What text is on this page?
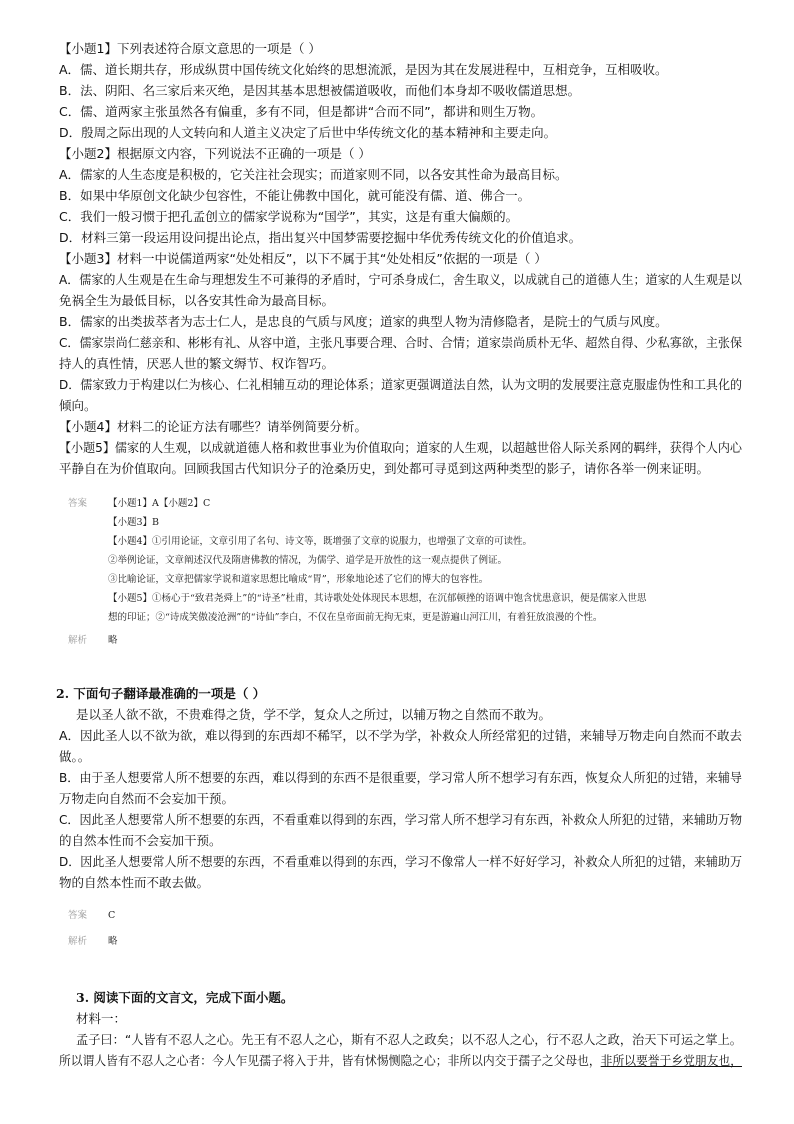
【小题1】下列表述符合原文意思的一项是（ ）
A．儒、道长期共存，形成纵贯中国传统文化始终的思想流派，是因为其在发展进程中，互相竞争，互相吸收。
B．法、阴阳、名三家后来灭绝，是因其基本思想被儒道吸收，而他们本身却不吸收儒道思想。
C．儒、道两家主张虽然各有偏重，多有不同，但是都讲“合而不同”，都讲和则生万物。
D．殷周之际出现的人文转向和人道主义决定了后世中华传统文化的基本精神和主要走向。
【小题2】根据原文内容，下列说法不正确的一项是（ ）
A．儒家的人生态度是积极的，它关注社会现实；而道家则不同，以各安其性命为最高目标。
B．如果中华原创文化缺少包容性，不能让佛教中国化，就可能没有儒、道、佛合一。
C．我们一般习惯于把孔孟创立的儒家学说称为“国学”，其实，这是有重大偏颇的。
D．材料三第一段运用设问提出论点，指出复兴中国梦需要挖掘中华优秀传统文化的价值追求。
【小题3】材料一中说儒道两家“处处相反”，以下不属于其“处处相反”依据的一项是（ ）
A．儒家的人生观是在生命与理想发生不可兼得的矛盾时，宁可杀身成仁，舍生取义，以成就自己的道德人生；道家的人生观是以
免祸全生为最低目标，以各安其性命为最高目标。
B．儒家的出类拔萃者为志士仁人，是忠良的气质与风度；道家的典型人物为清修隐者，是院士的气质与风度。
C．儒家崇尚仁慈亲和、彬彬有礼、从容中道，主张凡事要合理、合时、合情；道家崇尚质朴无华、超然自得、少私寡欲，主张保
持人的真性情，厌恶人世的繁文缛节、权诈智巧。
D．儒家致力于构建以仁为核心、仁礼相辅互动的理论体系；道家更强调道法自然，认为文明的发展要注意克服虚伪性和工具化的
倾向。
【小题4】材料二的论证方法有哪些？请举例简要分析。
【小题5】儒家的人生观，以成就道德人格和救世事业为价值取向；道家的人生观，以超越世俗人际关系网的羁绊，获得个人内心
平静自在为价值取向。回顾我国古代知识分子的沧桑历史，到处都可寻觅到这两种类型的影子，请你各举一例来证明。
答案 【小题1】A【小题2】C
【小题3】B
【小题4】①引用论证，文章引用了名句、诗文等，既增强了文章的说服力，也增强了文章的可读性。
②举例论证，文章阐述汉代及隋唐佛教的情况，为儒学、道学是开放性的这一观点提供了例证。
③比喻论证，文章把儒家学说和道家思想比喻成“胃”，形象地论述了它们的博大的包容性。
【小题5】①杨心于“致君尧舜上”的“诗圣”杜甫，其诗歌处处体现民本思想，在沉郁顿挫的语调中饱含忧患意识，便是儒家入世思
想的印证；②“诗成笑傲凌沧洲”的“诗仙”李白，不仅在皇帝面前无拘无束，更是游遍山河江川，有着狂放浪漫的个性。
解析 略
2. 下面句子翻译最准确的一项是（ ）
是以圣人欲不欲，不贵难得之货，学不学，复众人之所过，以辅万物之自然而不敢为。
A．因此圣人以不欲为欲，难以得到的东西却不稀罕，以不学为学，补救众人所经常犯的过错，来辅导万物走向自然而不敢去
做。。
B．由于圣人想要常人所不想要的东西，难以得到的东西不是很重要，学习常人所不想学习有东西，恢复众人所犯的过错，来辅导
万物走向自然而不会妄加干预。
C．因此圣人想要常人所不想要的东西，不看重难以得到的东西，学习常人所不想学习有东西，补救众人所犯的过错，来辅助万物
的自然本性而不会妄加干预。
D．因此圣人想要常人所不想要的东西，不看重难以得到的东西，学习不像常人一样不好好学习，补救众人所犯的过错，来辅助万
物的自然本性而不敢去做。
答案 C
解析 略
3. 阅读下面的文言文，完成下面小题。
材料一：
孟子曰：“人皆有不忍人之心。先王有不忍人之心，斯有不忍人之政矣；以不忍人之心，行不忍人之政，治天下可运之掌上。
所以谓人皆有不忍人之心者：今人乍见孺子将入于井，皆有怵惕恻隐之心；非所以内交于孺子之父母也，非所以要誉于乡党朋友也，
